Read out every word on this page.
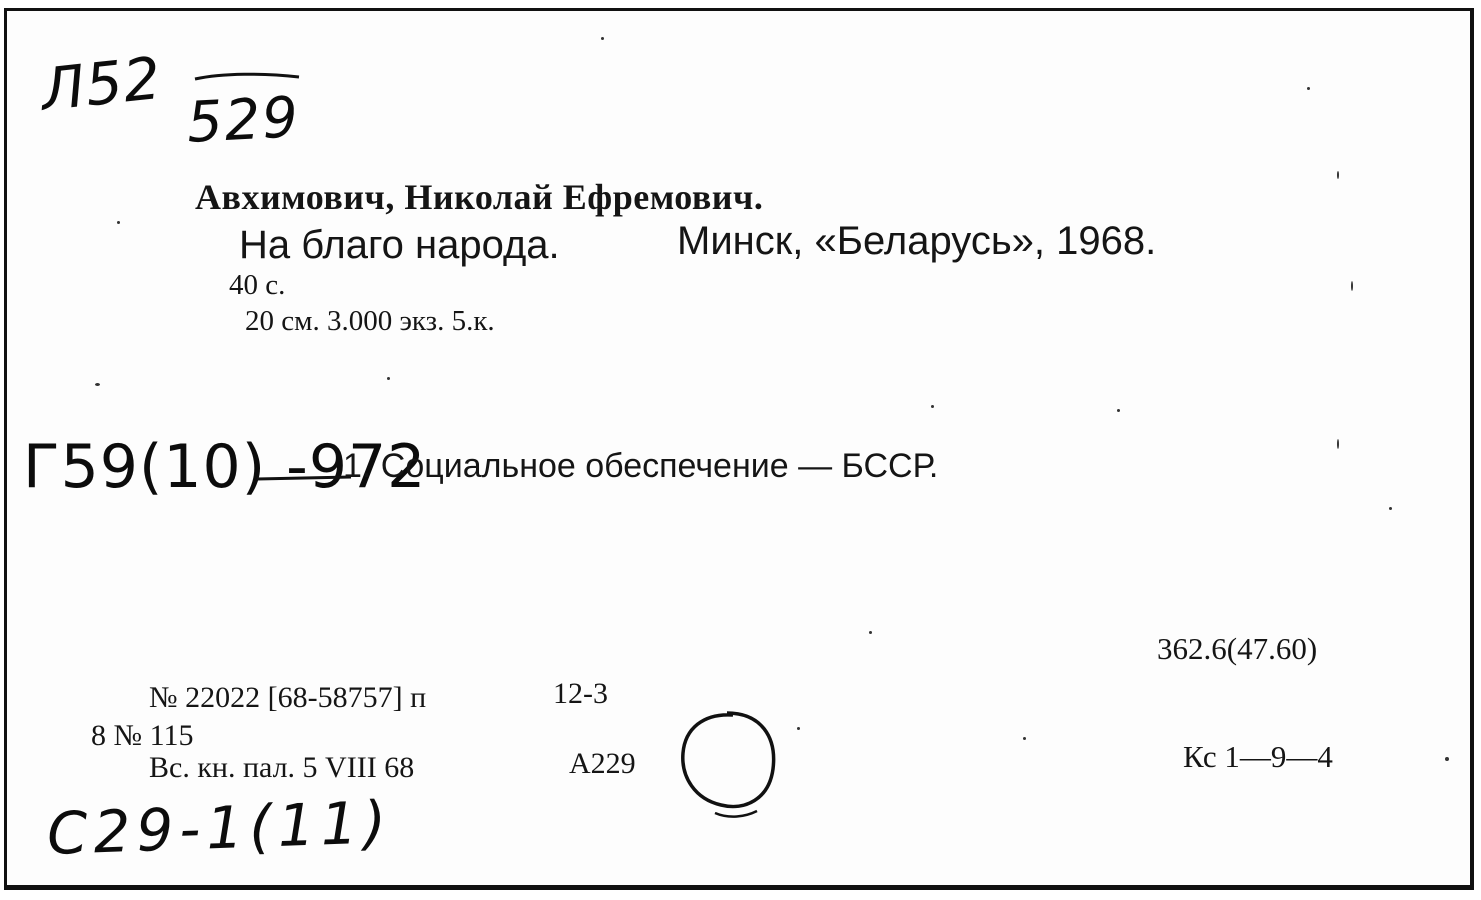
Л52 529
Авхимович, Николай Ефремович.
На благо народа.	Минск, «Беларусь», 1968.
40 с.
20 см. 3.000 экз. 5.к.
Г59(10) -972
1. Социальное обеспечение — БССР.
362.6(47.60)
№ 22022 [68-58757] п	12-3
8 № 115
Вс. кн. пал. 5 VIII 68	А229	Кс 1—9—4
C29-1(11)
